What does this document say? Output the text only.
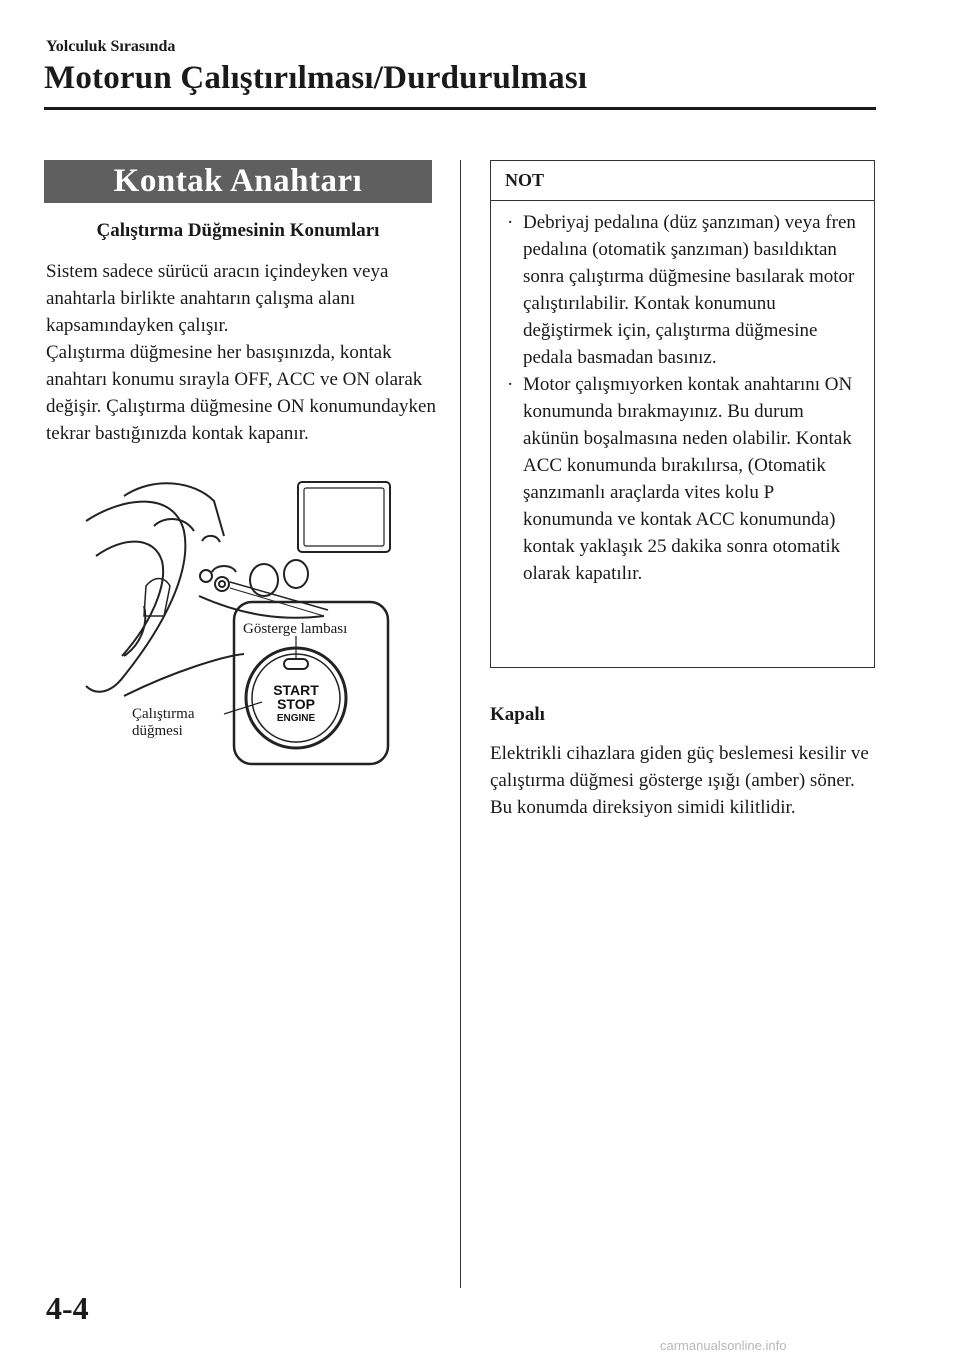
Yolculuk Sırasında
Motorun Çalıştırılması/Durdurulması
Kontak Anahtarı
Çalıştırma Düğmesinin Konumları

Sistem sadece sürücü aracın içindeyken veya anahtarla birlikte anahtarın çalışma alanı kapsamındayken çalışır.

Çalıştırma düğmesine her basışınızda, kontak anahtarı konumu sırayla OFF, ACC ve ON olarak değişir. Çalıştırma düğmesine ON konumundayken tekrar bastığınızda kontak kapanır.

START
STOP
ENGINE
Gösterge lambası
Çalıştırma
düğmesi
NOT
· Debriyaj pedalına (düz şanzıman) veya fren pedalına (otomatik şanzıman) basıldıktan sonra çalıştırma düğmesine basılarak motor çalıştırılabilir. Kontak konumunu değiştirmek için, çalıştırma düğmesine pedala basmadan basınız.
· Motor çalışmıyorken kontak anahtarını ON konumunda bırakmayınız. Bu durum akünün boşalmasına neden olabilir. Kontak ACC konumunda bırakılırsa, (Otomatik şanzımanlı araçlarda vites kolu P konumunda ve kontak ACC konumunda) kontak yaklaşık 25 dakika sonra otomatik olarak kapatılır.
Kapalı

Elektrikli cihazlara giden güç beslemesi kesilir ve çalıştırma düğmesi gösterge ışığı (amber) söner.

Bu konumda direksiyon simidi kilitlidir.

4-4
carmanualsonline.info
